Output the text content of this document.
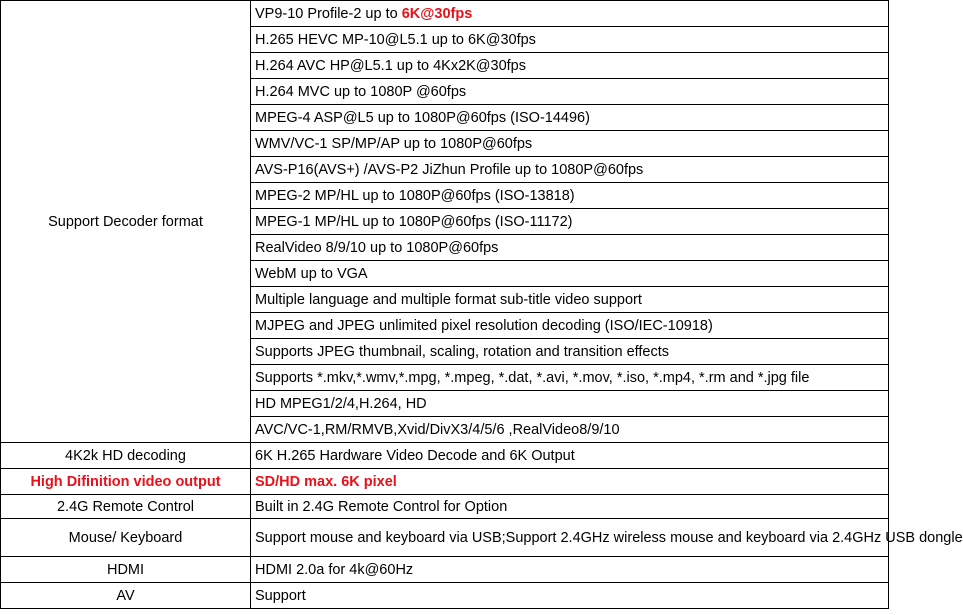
Support Decoder format	VP9-10 Profile-2 up to 6K@30fps
	H.265 HEVC MP-10@L5.1 up to 6K@30fps
	H.264 AVC HP@L5.1 up to 4Kx2K@30fps
	H.264 MVC up to 1080P @60fps
	MPEG-4 ASP@L5 up to 1080P@60fps (ISO-14496)
	WMV/VC-1 SP/MP/AP up to 1080P@60fps
	AVS-P16(AVS+) /AVS-P2 JiZhun Profile up to 1080P@60fps
	MPEG-2 MP/HL up to 1080P@60fps (ISO-13818)
	MPEG-1 MP/HL up to 1080P@60fps (ISO-11172)
	RealVideo 8/9/10 up to 1080P@60fps
	WebM up to VGA
	Multiple language and multiple format sub-title video support
	MJPEG and JPEG unlimited pixel resolution decoding (ISO/IEC-10918)
	Supports JPEG thumbnail, scaling, rotation and transition effects
	Supports *.mkv,*.wmv,*.mpg, *.mpeg, *.dat, *.avi, *.mov, *.iso, *.mp4, *.rm and *.jpg file
	HD MPEG1/2/4,H.264, HD
	AVC/VC-1,RM/RMVB,Xvid/DivX3/4/5/6 ,RealVideo8/9/10
4K2k HD decoding	6K H.265 Hardware Video Decode and 6K Output
High Difinition video output	SD/HD max. 6K pixel
2.4G Remote Control	Built in 2.4G Remote Control for Option
Mouse/ Keyboard	Support mouse and keyboard via USB;Support 2.4GHz wireless mouse and keyboard via 2.4GHz USB dongle
HDMI	HDMI 2.0a for 4k@60Hz
AV	Support
